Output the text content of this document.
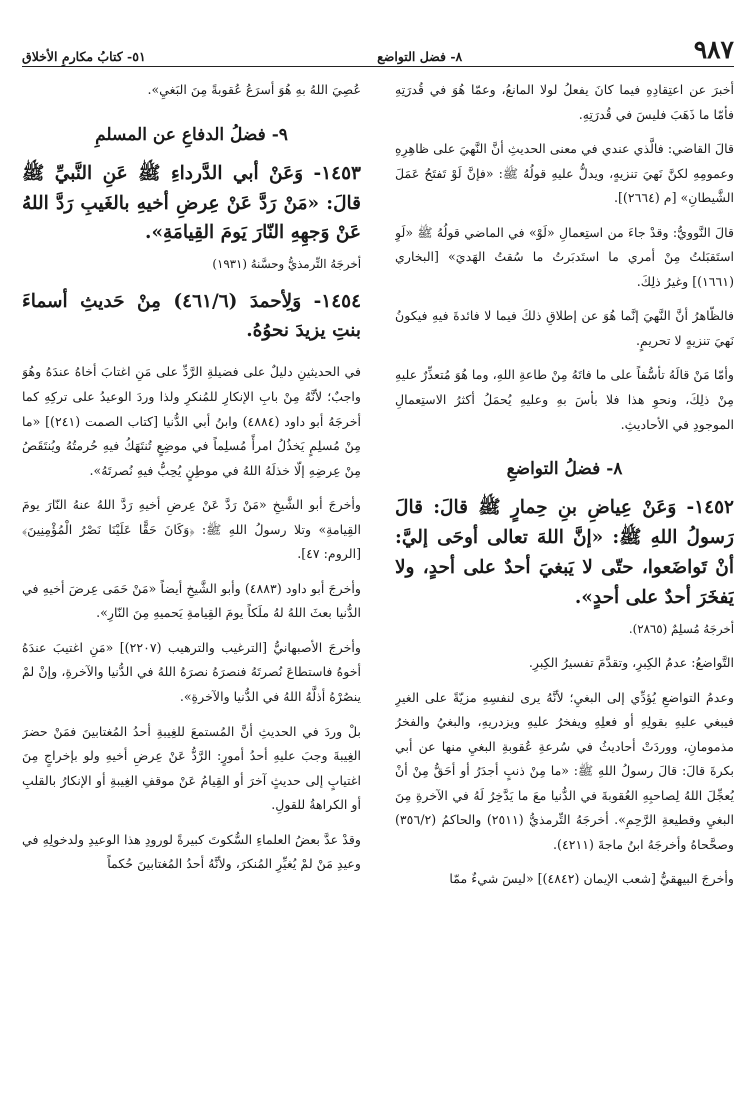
٩٨٧
٨- فضل التواضع
٥١- كتابُ مكارمِ الأخلاق

أخبرَ عن اعتِقادِهِ فيما كانَ يفعلُ لولا المانعُ، وعمّا هُوَ في قُدرَتِهِ فأمّا ما ذَهَبَ فليسَ في قُدرَتِهِ.

قالَ القاضي: فالَّذي عندي في معنى الحديثِ أنَّ النَّهيَ على ظاهِرِهِ وعمومِهِ لكنَّ نَهيَ تنزيهٍ، ويدلُّ عليهِ قولُهُ ﷺ: «فإنَّ لَوْ تَفتَحُ عَمَلَ الشَّيطانِ» [م (٢٦٦٤)].

قالَ النَّوويُّ: وقدْ جاءَ من استِعمالِ «لَوْ» في الماضي قولُهُ ﷺ «لَوِ استَقبَلتُ مِنْ أمري ما استَدبَرتُ ما سُقتُ الهَديَ» [البخاري (١٦٦١)] وغيرُ ذلِكَ.

فالظّاهرُ أنَّ النَّهيَ إنَّما هُوَ عن إطلاقِ ذلكَ فيما لا فائدةَ فيهِ فيكونُ نَهيَ تنزيهٍ لا تحريمٍ.

وأمّا مَنْ قالَهُ تأسُّفاً على ما فاتَهُ مِنْ طاعةِ اللهِ، وما هُوَ مُتعذِّرٌ عليهِ مِنْ ذلِكَ، ونحوِ هذا فلا بأسَ بهِ وعليهِ يُحمَلُ أكثرُ الاستِعمالِ الموجودِ في الأحاديثِ.

٨- فضلُ التواضعِ

١٤٥٢- وَعَنْ عِياضِ بنِ حِمارٍ ﷺ قالَ: قالَ رَسولُ اللهِ ﷺ: «إنَّ اللهَ تعالى أوحَى إليَّ: أنْ تَواضَعوا، حتّى لا يَبغيَ أحدٌ على أحدٍ، ولا يَفخَرَ أحدٌ على أحدٍ».

أخرجَهُ مُسلِمٌ (٢٨٦٥).

التَّواضعُ: عدمُ الكِبرِ، وتقدَّمَ تفسيرُ الكِبرِ.

وعدمُ التواضعِ يُؤدِّي إلى البغيِ؛ لأنَّهُ يرى لنفسِهِ مزيّةً على الغيرِ فيبغي عليهِ بقولِهِ أو فعلِهِ ويفخرُ عليهِ ويزدريهِ، والبغيُ والفخرُ مذمومانِ، ووردَتْ أحاديثُ في سُرعةِ عُقوبةِ البغيِ منها عن أبي بكرةَ قالَ: قالَ رسولُ اللهِ ﷺ: «ما مِنْ ذنبٍ أجدَرُ أو أحَقُّ مِنْ أنْ يُعجِّلَ اللهُ لِصاحبِهِ العُقوبةَ في الدُّنيا معَ ما يَدَّخِرُ لَهُ في الآخرةِ مِنَ البغيِ وقطيعةِ الرَّحِمِ». أخرجَهُ التِّرمذيُّ (٢٥١١) والحاكمُ (٣٥٦/٢) وصحَّحاهُ وأخرجَهُ ابنُ ماجةَ (٤٢١١).

وأخرجَ البيهقيُّ [شعب الإيمان (٤٨٤٢)] «ليسَ شيءٌ ممّا

عُصِيَ اللهُ بهِ هُوَ أسرَعُ عُقوبةً مِنَ البَغيِ».

٩- فضلُ الدفاعِ عن المسلمِ

١٤٥٣- وَعَنْ أبي الدَّرداءِ ﷺ عَنِ النَّبيِّ ﷺ قالَ: «مَنْ رَدَّ عَنْ عِرضِ أخيهِ بالغَيبِ رَدَّ اللهُ عَنْ وَجهِهِ النّارَ يَومَ القِيامَةِ».

أخرجَهُ التِّرمذيُّ وحسَّنهُ (١٩٣١)

١٤٥٤- وَلِأحمدَ (٤٦١/٦) مِنْ حَديثِ أسماءَ بنتِ يزيدَ نحوُهُ.

في الحديثينِ دليلٌ على فضيلةِ الرَّدِّ على مَنِ اغتابَ أخاهُ عندَهُ وهُوَ واجبٌ؛ لأنَّهُ مِنْ بابِ الإنكارِ للمُنكرِ ولذا وردَ الوعيدُ على تركِهِ كما أخرجَهُ أبو داود (٤٨٨٤) وابنُ أبي الدُّنيا [كتاب الصمت (٢٤١)] «ما مِنْ مُسلِمٍ يَخذُلُ امرأً مُسلِماً في موضِعٍ تُنتَهَكُ فيهِ حُرمتُهُ ويُنتَقَصُ مِنْ عِرضِهِ إلّا خذلَهُ اللهُ في موطِنٍ يُحِبُّ فيهِ نُصرتَهُ».

وأخرجَ أبو الشَّيخِ «مَنْ رَدَّ عَنْ عِرضِ أخيهِ رَدَّ اللهُ عنهُ النّارَ يومَ القِيامةِ» وتلا رسولُ اللهِ ﷺ: ﴿وَكَانَ حَقًّا عَلَيْنَا نَصْرُ الْمُؤْمِنِينَ﴾ [الروم: ٤٧].

وأخرجَ أبو داود (٤٨٨٣) وأبو الشَّيخِ أيضاً «مَنْ حَمَى عِرضَ أخيهِ في الدُّنيا بعثَ اللهُ لهُ ملَكاً يومَ القِيامةِ يَحميهِ مِنَ النّارِ».

وأخرجَ الأصبهانيُّ [الترغيب والترهيب (٢٢٠٧)] «مَنِ اغتيبَ عندَهُ أخوهُ فاستطاعَ نُصرتَهُ فنصرَهُ نصرَهُ اللهُ في الدُّنيا والآخرةِ، وإنْ لمْ ينصُرْهُ أذلَّهُ اللهُ في الدُّنيا والآخرةِ».

بلْ وردَ في الحديثِ أنَّ المُستمعَ للغِيبةِ أحدُ المُغتابينَ فمَنْ حضرَ الغِيبةَ وجبَ عليهِ أحدُ أمورٍ: الرَّدُّ عَنْ عِرضِ أخيهِ ولو بإخراجٍ مِنَ اغتيابٍ إلى حديثٍ آخرَ أو القِيامُ عَنْ موقفِ الغِيبةِ أو الإنكارُ بالقلبِ أو الكراهةُ للقولِ.

وقدْ عدَّ بعضُ العلماءِ السُّكوتَ كبيرةً لورودِ هذا الوعيدِ ولدخولِهِ في وعيدِ مَنْ لمْ يُغيِّرِ المُنكرَ، ولأنَّهُ أحدُ المُغتابينَ حُكماً
